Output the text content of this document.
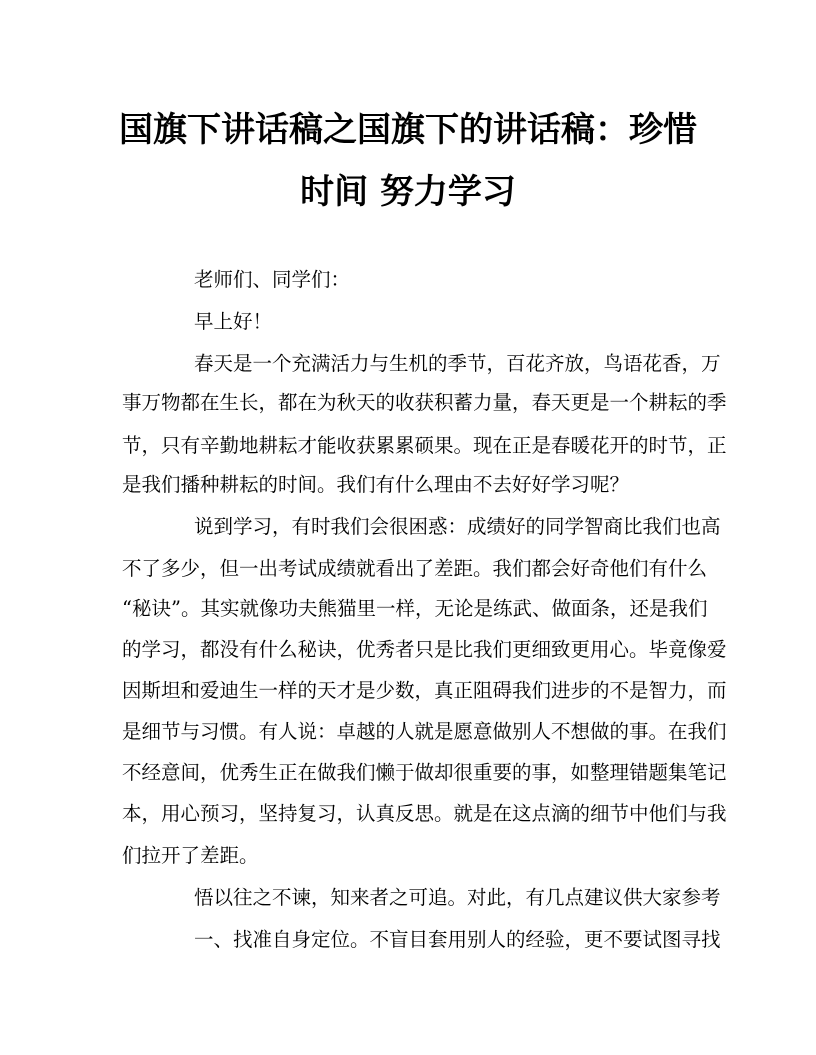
国旗下讲话稿之国旗下的讲话稿：珍惜
时间 努力学习

老师们、同学们：

早上好！

春天是一个充满活力与生机的季节，百花齐放，鸟语花香，万

事万物都在生长，都在为秋天的收获积蓄力量，春天更是一个耕耘的季

节，只有辛勤地耕耘才能收获累累硕果。现在正是春暖花开的时节，正

是我们播种耕耘的时间。我们有什么理由不去好好学习呢？

说到学习，有时我们会很困惑：成绩好的同学智商比我们也高

不了多少，但一出考试成绩就看出了差距。我们都会好奇他们有什么

“秘诀”。其实就像功夫熊猫里一样，无论是练武、做面条，还是我们

的学习，都没有什么秘诀，优秀者只是比我们更细致更用心。毕竟像爱

因斯坦和爱迪生一样的天才是少数，真正阻碍我们进步的不是智力，而

是细节与习惯。有人说：卓越的人就是愿意做别人不想做的事。在我们

不经意间，优秀生正在做我们懒于做却很重要的事，如整理错题集笔记

本，用心预习，坚持复习，认真反思。就是在这点滴的细节中他们与我

们拉开了差距。

悟以往之不谏，知来者之可追。对此，有几点建议供大家参考

一、找准自身定位。不盲目套用别人的经验，更不要试图寻找
